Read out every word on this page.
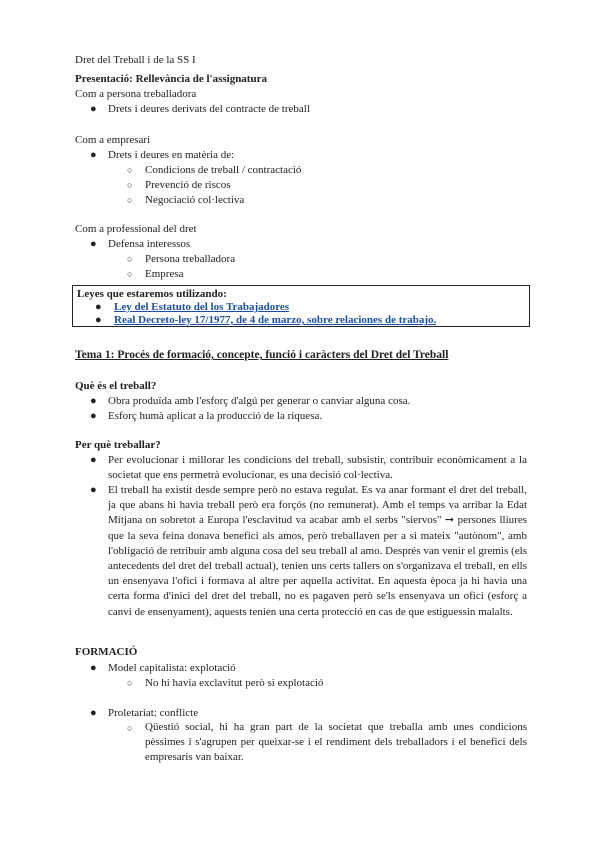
Dret del Treball i de la SS I
Presentació: Rellevància de l'assignatura
Com a persona treballadora
● Drets i deures derivats del contracte de treball
Com a empresari
● Drets i deures en matèria de:
○ Condicions de treball / contractació
○ Prevenció de riscos
○ Negociació col·lectiva
Com a professional del dret
● Defensa interessos
○ Persona treballadora
○ Empresa
Leyes que estaremos utilizando:
● Ley del Estatuto del los Trabajadores
● Real Decreto-ley 17/1977, de 4 de marzo, sobre relaciones de trabajo.
Tema 1: Procés de formació, concepte, funció i caràcters del Dret del Treball
Què és el treball?
● Obra produïda amb l'esforç d'algú per generar o canviar alguna cosa.
● Esforç humà aplicat a la producció de la riquesa.
Per què treballar?
● Per evolucionar i millorar les condicions del treball, subsistir, contribuir econòmicament a la societat que ens permetrà evolucionar, es una decisió col·lectiva.
● El treball ha existit desde sempre però no estava regulat. Es va anar formant el dret del treball, ja que abans hi havia treball però era forçós (no remunerat). Amb el temps va arribar la Edat Mitjana on sobretot a Europa l'esclavitud va acabar amb el serbs "siervos" ➞ persones lliures que la seva feina donava benefici als amos, però treballaven per a si mateix "autònom", amb l'obligació de retribuir amb alguna cosa del seu treball al amo. Després van venir el gremis (els antecedents del dret del treball actual), tenien uns certs tallers on s'organizava el treball, en ells un ensenyava l'ofici i formava al altre per aquella activitat. En aquesta època ja hi havia una certa forma d'inici del dret del treball, no es pagaven però se'ls ensenyava un ofici (esforç a canvi de ensenyament), aquests tenien una certa protecció en cas de que estiguessin malalts.
FORMACIÓ
● Model capitalista: explotació
○ No hi havia exclavitut però si explotació
● Proletariat: conflicte
○ Qüestió social, hi ha gran part de la societat que treballa amb unes condicions pèssimes i s'agrupen per queixar-se i el rendiment dels treballadors i el benefici dels empresaris van baixar.
